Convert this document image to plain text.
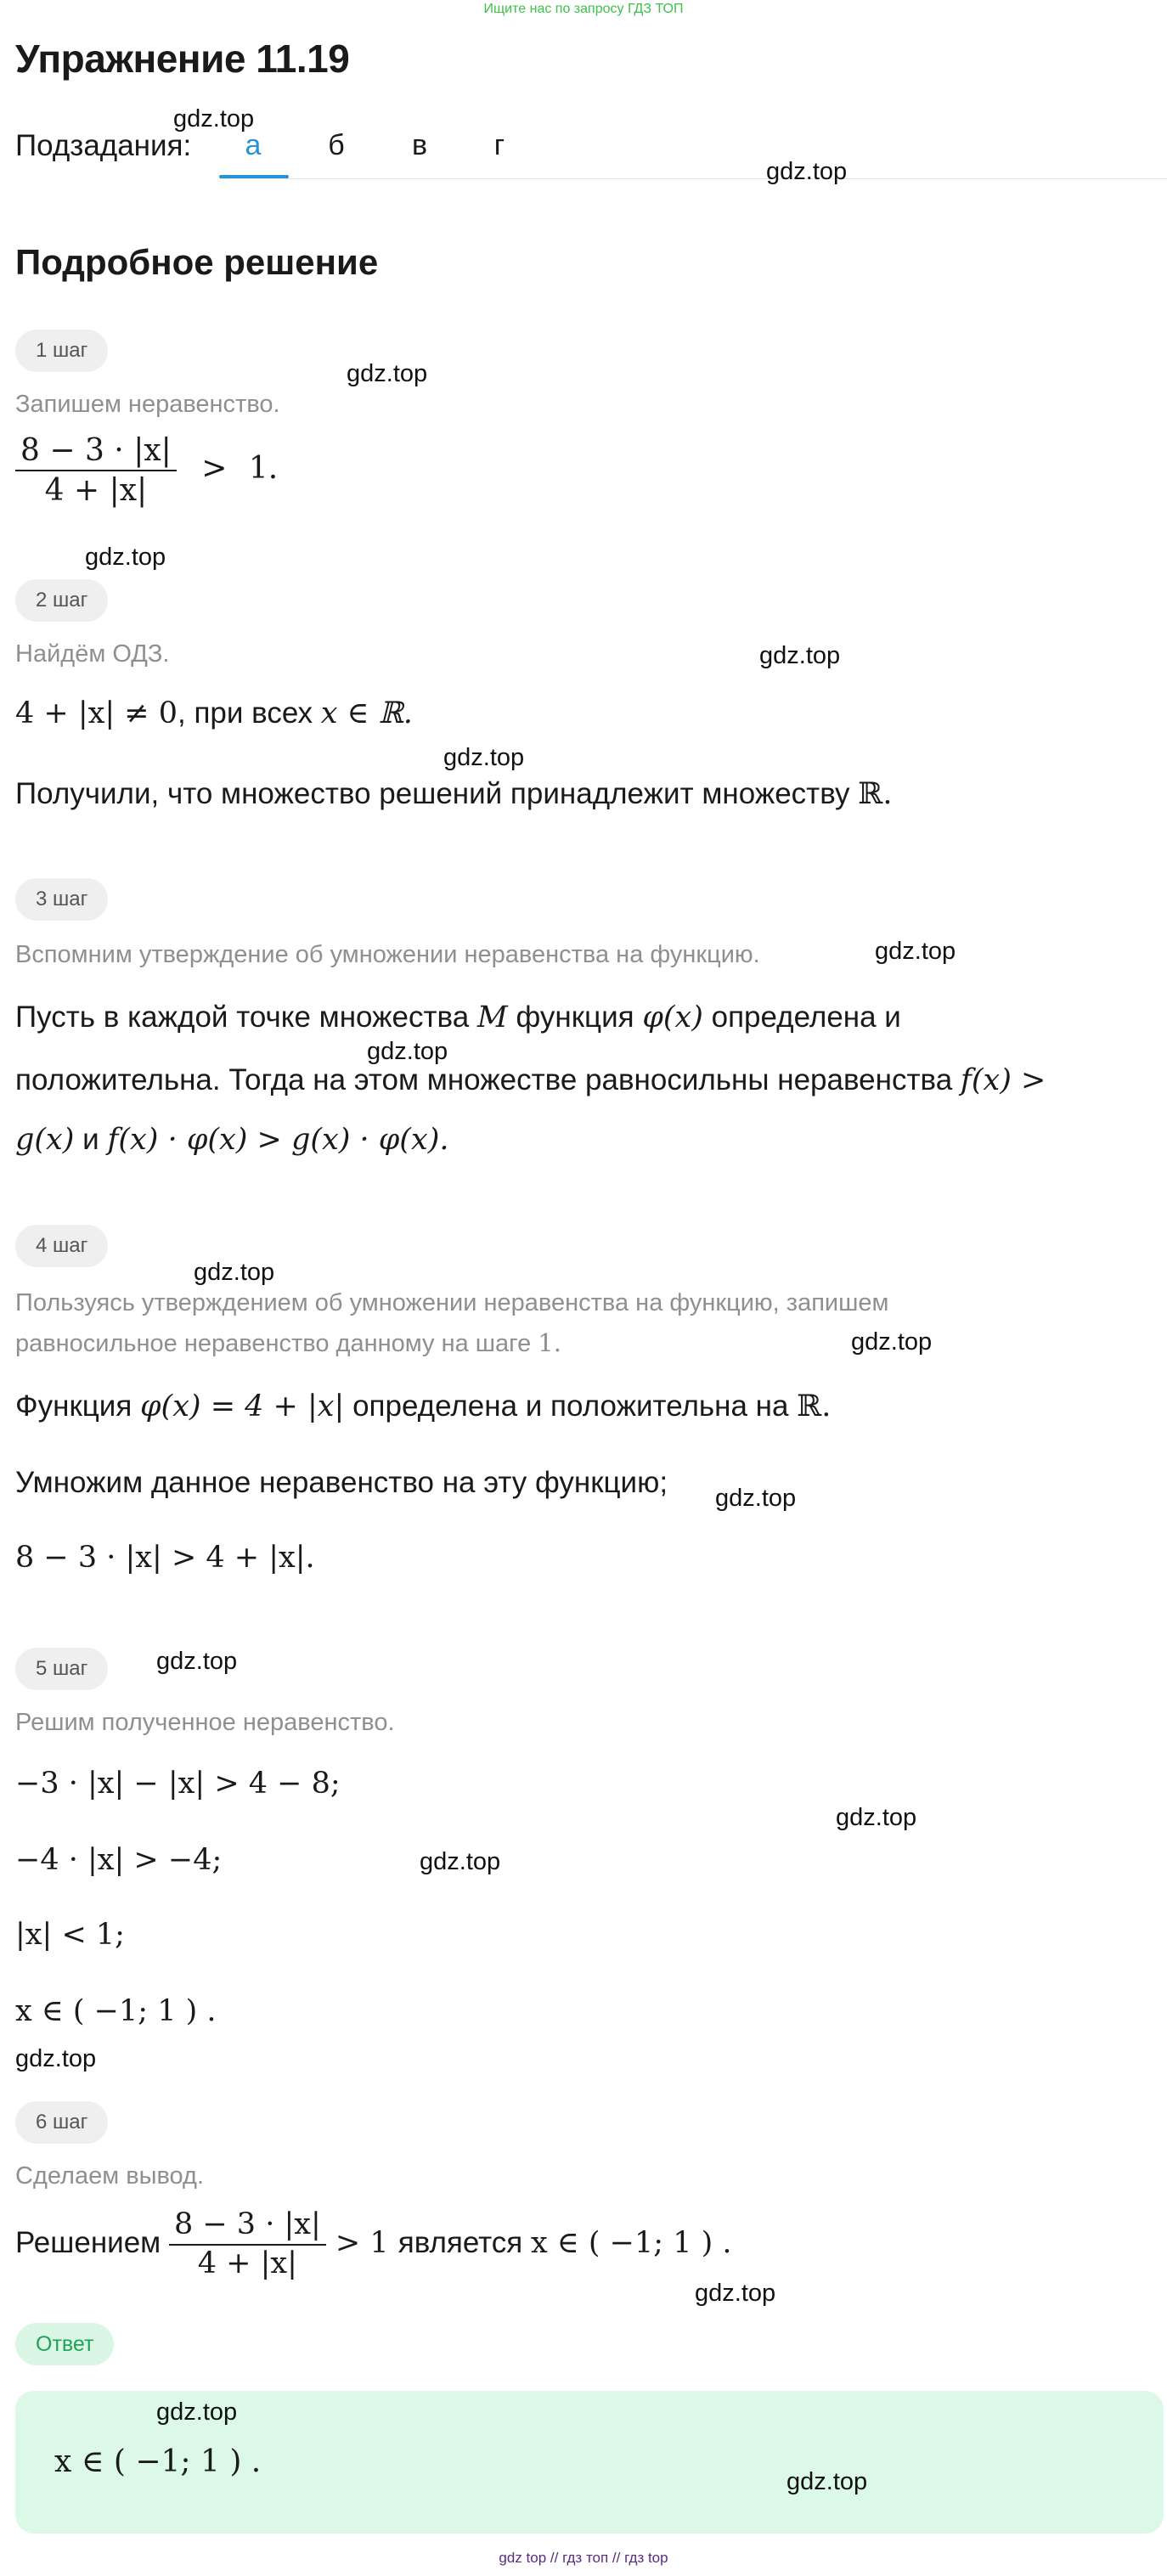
Ищите нас по запросу ГДЗ ТОП
Упражнение 11.19
Подзадания:	а	б	в	г
Подробное решение
1 шаг
Запишем неравенство.
$\frac{8 - 3 \cdot |x|}{4 + |x|} > 1$.
2 шаг
Найдём ОДЗ.
4 + |x| ≠ 0, при всех x ∈ ℝ.
Получили, что множество решений принадлежит множеству ℝ.
3 шаг
Вспомним утверждение об умножении неравенства на функцию.
Пусть в каждой точке множества M функция φ(x) определена и
положительна. Тогда на этом множестве равносильны неравенства f(x) >
g(x) и f(x) · φ(x) > g(x) · φ(x).
4 шаг
Пользуясь утверждением об умножении неравенства на функцию, запишем
равносильное неравенство данному на шаге 1.
Функция φ(x) = 4 + |x| определена и положительна на ℝ.
Умножим данное неравенство на эту функцию;
8 − 3 · |x| > 4 + |x|.
5 шаг
Решим полученное неравенство.
−3 · |x| − |x| > 4 − 8;
−4 · |x| > −4;
|x| < 1;
x ∈ ( −1; 1 ) .
6 шаг
Сделаем вывод.
Решением $\frac{8 - 3 \cdot |x|}{4 + |x|} > 1$ является x ∈ ( −1; 1 ) .
Ответ
x ∈ ( −1; 1 ) .
gdz.top
gdz.top
gdz.top
gdz.top
gdz.top
gdz.top
gdz.top
gdz.top
gdz.top
gdz.top
gdz.top
gdz.top
gdz.top
gdz.top
gdz.top
gdz.top
gdz.top
gdz.top
gdz top // гдз топ // гдз top
